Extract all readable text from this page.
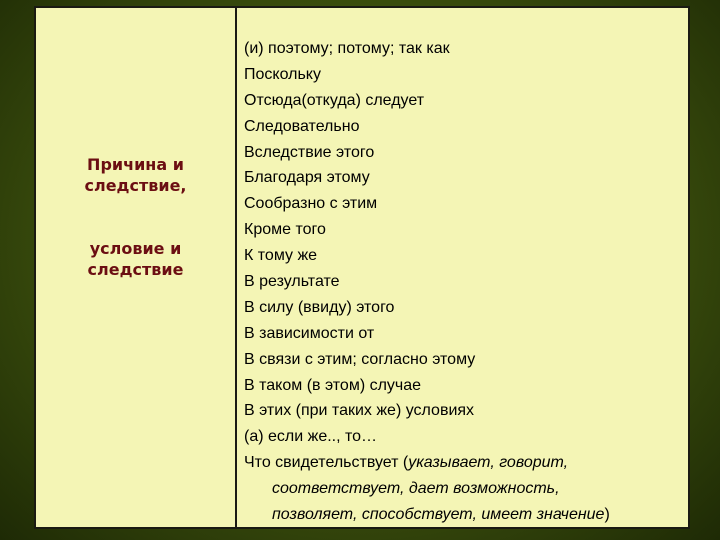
Причина и
следствие,
условие и
следствие
(и) поэтому; потому; так как
Поскольку
Отсюда(откуда) следует
Следовательно
Вследствие этого
Благодаря этому
Сообразно с этим
Кроме того
К тому же
В результате
В силу (ввиду) этого
В зависимости от
В связи с этим; согласно этому
В таком (в этом) случае
В этих (при таких же) условиях
(а) если же.., то…
Что свидетельствует (указывает, говорит,
соответствует, дает возможность,
позволяет, способствует, имеет значение)
